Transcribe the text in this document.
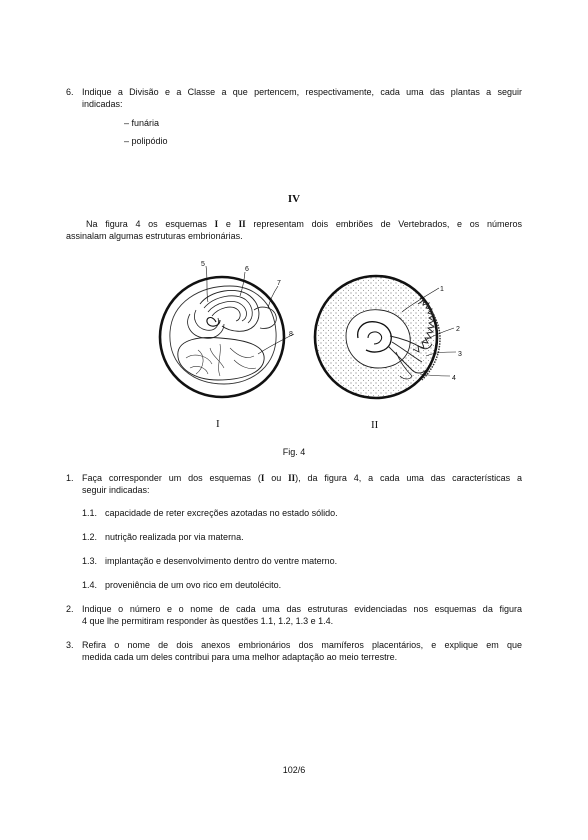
6. Indique a Divisão e a Classe a que pertencem, respectivamente, cada uma das plantas a seguir
indicadas:
– funária
– polipódio
IV
Na figura 4 os esquemas I e II representam dois embriões de Vertebrados, e os números
assinalam algumas estruturas embrionárias.
5
6
7
8
1
2
3
4
I	II
Fig. 4
1. Faça corresponder um dos esquemas (I ou II), da figura 4, a cada uma das características a
seguir indicadas:
1.1. capacidade de reter excreções azotadas no estado sólido.
1.2. nutrição realizada por via materna.
1.3. implantação e desenvolvimento dentro do ventre materno.
1.4. proveniência de um ovo rico em deutolécito.
2. Indique o número e o nome de cada uma das estruturas evidenciadas nos esquemas da figura
4 que lhe permitiram responder às questões 1.1, 1.2, 1.3 e 1.4.
3. Refira o nome de dois anexos embrionários dos mamíferos placentários, e explique em que
medida cada um deles contribui para uma melhor adaptação ao meio terrestre.
102/6
